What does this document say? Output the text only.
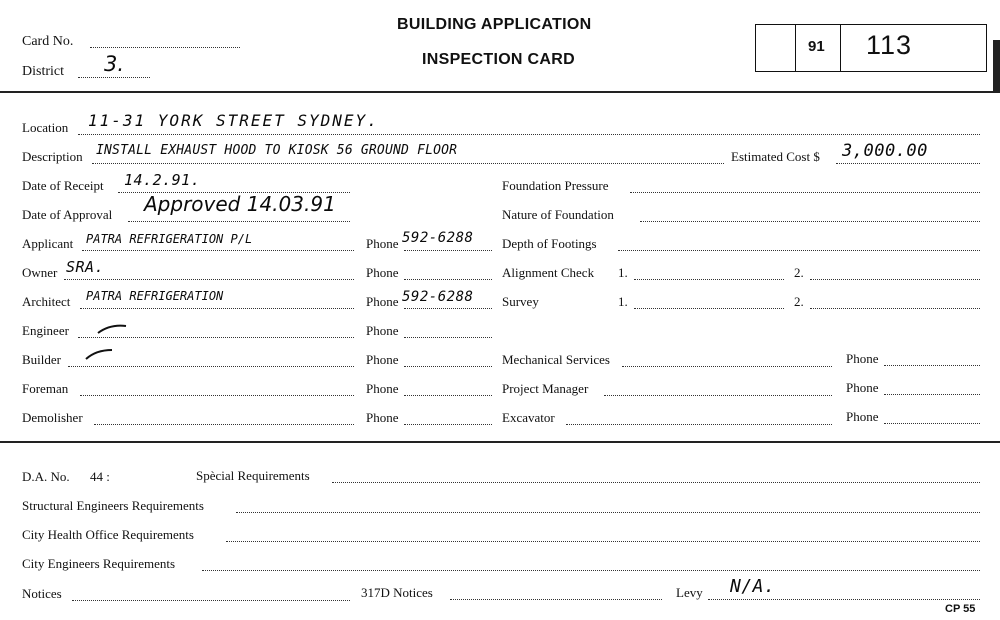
Card No.
District 3.
BUILDING APPLICATION
INSPECTION CARD
91 113
Location 11-31 YORK STREET SYDNEY.
Description INSTALL EXHAUST HOOD TO KIOSK 56 GROUND FLOOR	Estimated Cost $ 3,000.00
Date of Receipt 14.2.91.
Date of Approval Approved 14.03.91
Applicant PATRA REFRIGERATION P/L	Phone 592-6288
Owner SRA.	Phone
Architect PATRA REFRIGERATION	Phone 592-6288
Engineer	Phone
Builder	Phone
Foreman	Phone
Demolisher	Phone
Foundation Pressure
Nature of Foundation
Depth of Footings
Alignment Check 1.	2.
Survey	1.	2.
Mechanical Services	Phone
Project Manager	Phone
Excavator	Phone
D.A. No. 44 :	Spècial Requirements
Structural Engineers Requirements
City Health Office Requirements
City Engineers Requirements
Notices	317D Notices	Levy N/A.
CP 55
